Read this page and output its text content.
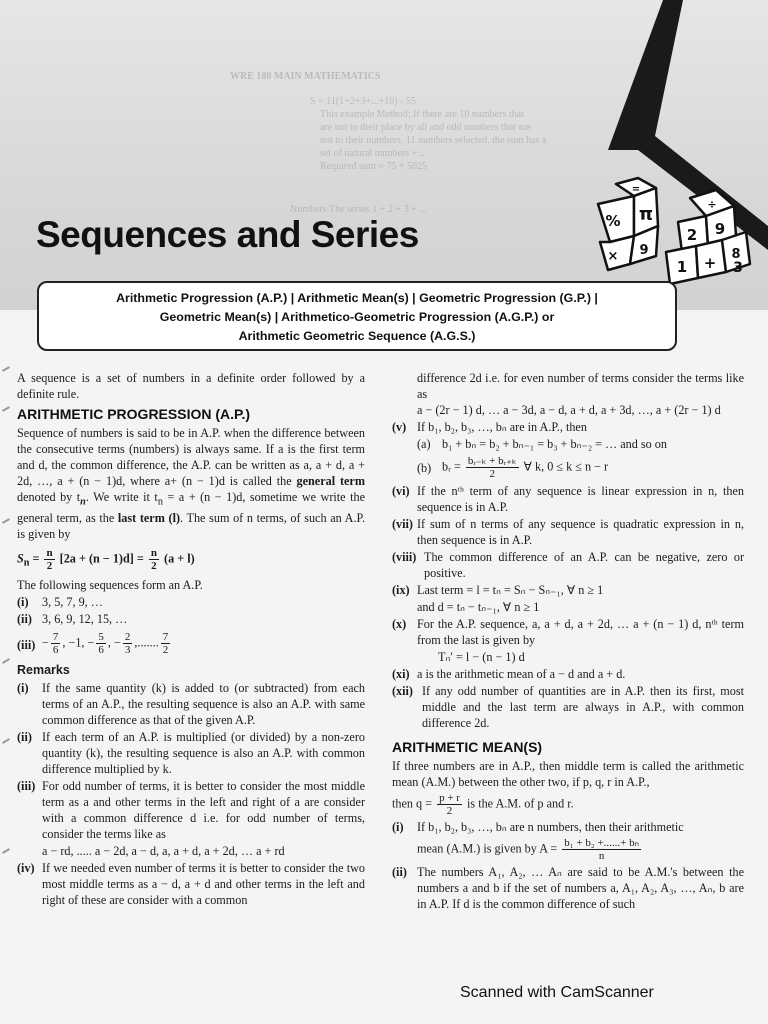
WRE 180 MAIN MATHEMATICS
S = 11(1+2+3+...+10) - 55
This example Method: If there are 10 numbers that
are not to their place by all and odd numbers that are
not to their numbers. 11 numbers selected. the sum has a
set of natural numbers + ...
Required sum = 75 + 5025
Numbers The series 1 + 2 + 3 + ...
Sequences and Series
=
% π
× 9
÷
2 9
8
1 + 3
Arithmetic Progression (A.P.) | Arithmetic Mean(s) | Geometric Progression (G.P.) |
Geometric Mean(s) | Arithmetico-Geometric Progression (A.G.P.) or
Arithmetic Geometric Sequence (A.G.S.)

A sequence is a set of numbers in a definite order followed by a definite rule.

ARITHMETIC PROGRESSION (A.P.)

Sequence of numbers is said to be in A.P. when the difference between the consecutive terms (numbers) is always same. If a is the first term and d, the common difference, the A.P. can be written as a, a + d, a + 2d, …, a + (n − 1)d, where a+ (n − 1)d is called the general term denoted by $t_n$. We write it $t_n = a + (n - 1)d$, sometime we write the general term, as the last term (l). The sum of n terms, of such an A.P. is given by

$S_n = \frac{n}{2} [2a + (n - 1)d] = \frac{n}{2} (a + l)$

The following sequences form an A.P.

(i)	3, 5, 7, 9, …
(ii) 3, 6, 9, 12, 15, …
$(iii) - \frac{7}{6}$ , −1, − $\frac{5}{6}$ , − $\frac{2}{3}$ ,....... $\frac{7}{2}$
Remarks
(i)	If the same quantity (k) is added to (or subtracted) from each terms of an A.P., the resulting sequence is also an A.P. with same common difference as that of the given A.P.
(ii) If each term of an A.P. is multiplied (or divided) by a non-zero quantity (k), the resulting sequence is also an A.P. with common difference multiplied by k.
(iii) For odd number of terms, it is better to consider the most middle term as a and other terms in the left and right of a are consider with a common difference d i.e. for odd number of terms, consider the terms like as
a − rd, ..... a − 2d, a − d, a, a + d, a + 2d, … a + rd
(iv) If we needed even number of terms it is better to consider the two most middle terms as a − d, a + d and other terms in the left and right of these are consider with a common
difference 2d i.e. for even number of terms consider the terms like as
a − (2r − 1) d, … a − 3d, a − d, a + d, a + 3d, …, a + (2r − 1) d
(v) If b₁, b₂, b₃, …, bₙ are in A.P., then
(a) b₁ + bₙ = b₂ + bₙ₋₁ = b₃ + bₙ₋₂ = … and so on
(b) bᵣ = $\frac{\text{bᵣ₋ₖ + bᵣ₊ₖ}}{2}$ ∀ k, 0 ≤ k ≤ n − r
(vi) If the nᵗʰ term of any sequence is linear expression in n, then sequence is in A.P.
(vii) If sum of n terms of any sequence is quadratic expression in n, then sequence is in A.P.
(viii) The common difference of an A.P. can be negative, zero or positive.
(ix) Last term = l = tₙ = Sₙ − Sₙ₋₁, ∀ n ≥ 1
and d = tₙ − tₙ₋₁, ∀ n ≥ 1
(x) For the A.P. sequence, a, a + d, a + 2d, … a + (n − 1) d, nᵗʰ term from the last is given by
Tₙ′ = l − (n − 1) d
(xi) a is the arithmetic mean of a − d and a + d.
(xii) If any odd number of quantities are in A.P. then its first, most middle and the last term are always in A.P., with common difference 2d.
ARITHMETIC MEAN(S)

If three numbers are in A.P., then middle term is called the arithmetic mean (A.M.) between the other two, if p, q, r in A.P.,

then $q = \frac{p + r}{2}$ is the A.M. of p and r.
(i)	If b₁, b₂, b₃, …, bₙ are n numbers, then their arithmetic
mean (A.M.) is given by $A = \frac{\text{b₁ + b₂ +......+ bₙ}}{n}$
(ii) The numbers A₁, A₂, … Aₙ are said to be A.M.'s between the numbers a and b if the set of numbers a, A₁, A₂, A₃, …, Aₙ, b are in A.P. If d is the common difference of such
Scanned with CamScanner
